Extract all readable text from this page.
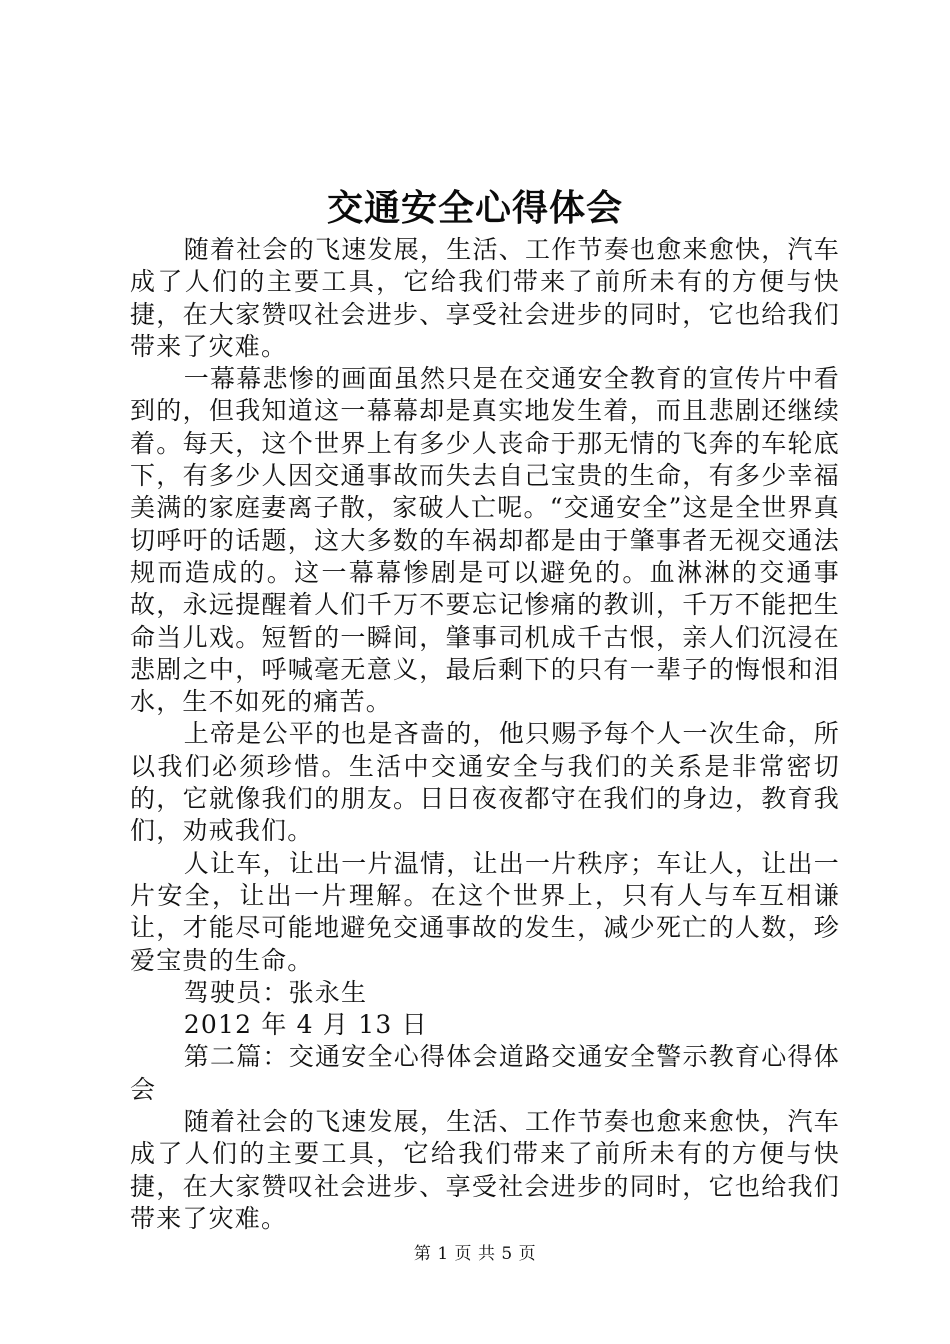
交通安全心得体会

随着社会的飞速发展，生活、工作节奏也愈来愈快，汽车成了人们的主要工具，它给我们带来了前所未有的方便与快捷，在大家赞叹社会进步、享受社会进步的同时，它也给我们带来了灾难。

一幕幕悲惨的画面虽然只是在交通安全教育的宣传片中看到的，但我知道这一幕幕却是真实地发生着，而且悲剧还继续着。每天，这个世界上有多少人丧命于那无情的飞奔的车轮底下，有多少人因交通事故而失去自己宝贵的生命，有多少幸福美满的家庭妻离子散，家破人亡呢。“交通安全”这是全世界真切呼吁的话题，这大多数的车祸却都是由于肇事者无视交通法规而造成的。这一幕幕惨剧是可以避免的。血淋淋的交通事故，永远提醒着人们千万不要忘记惨痛的教训，千万不能把生命当儿戏。短暂的一瞬间，肇事司机成千古恨，亲人们沉浸在悲剧之中，呼喊毫无意义，最后剩下的只有一辈子的悔恨和泪水，生不如死的痛苦。

上帝是公平的也是吝啬的，他只赐予每个人一次生命，所以我们必须珍惜。生活中交通安全与我们的关系是非常密切的，它就像我们的朋友。日日夜夜都守在我们的身边，教育我们，劝戒我们。

人让车，让出一片温情，让出一片秩序；车让人，让出一片安全，让出一片理解。在这个世界上，只有人与车互相谦让，才能尽可能地避免交通事故的发生，减少死亡的人数，珍爱宝贵的生命。

驾驶员：张永生

2012 年 4 月 13 日

第二篇：交通安全心得体会道路交通安全警示教育心得体会

随着社会的飞速发展，生活、工作节奏也愈来愈快，汽车成了人们的主要工具，它给我们带来了前所未有的方便与快捷，在大家赞叹社会进步、享受社会进步的同时，它也给我们带来了灾难。

第 1 页 共 5 页
